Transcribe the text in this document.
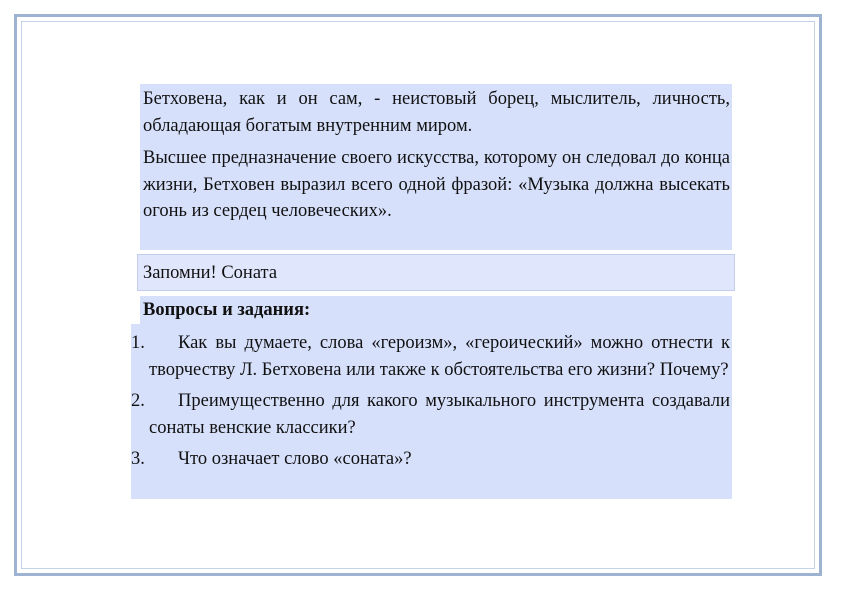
Бетховена, как и он сам, - неистовый борец, мыслитель, личность, обладающая богатым внутренним миром.

Высшее предназначение своего искусства, которому он следовал до конца жизни, Бетховен выразил всего одной фразой: «Музыка должна высекать огонь из сердец человеческих».

Запомни! Соната
Вопросы и задания:
1. Как вы думаете, слова «героизм», «героический» можно отнести к творчеству Л. Бетховена или также к обстоятельства его жизни? Почему?
2. Преимущественно для какого музыкального инструмента создавали сонаты венские классики?
3. Что означает слово «соната»?
